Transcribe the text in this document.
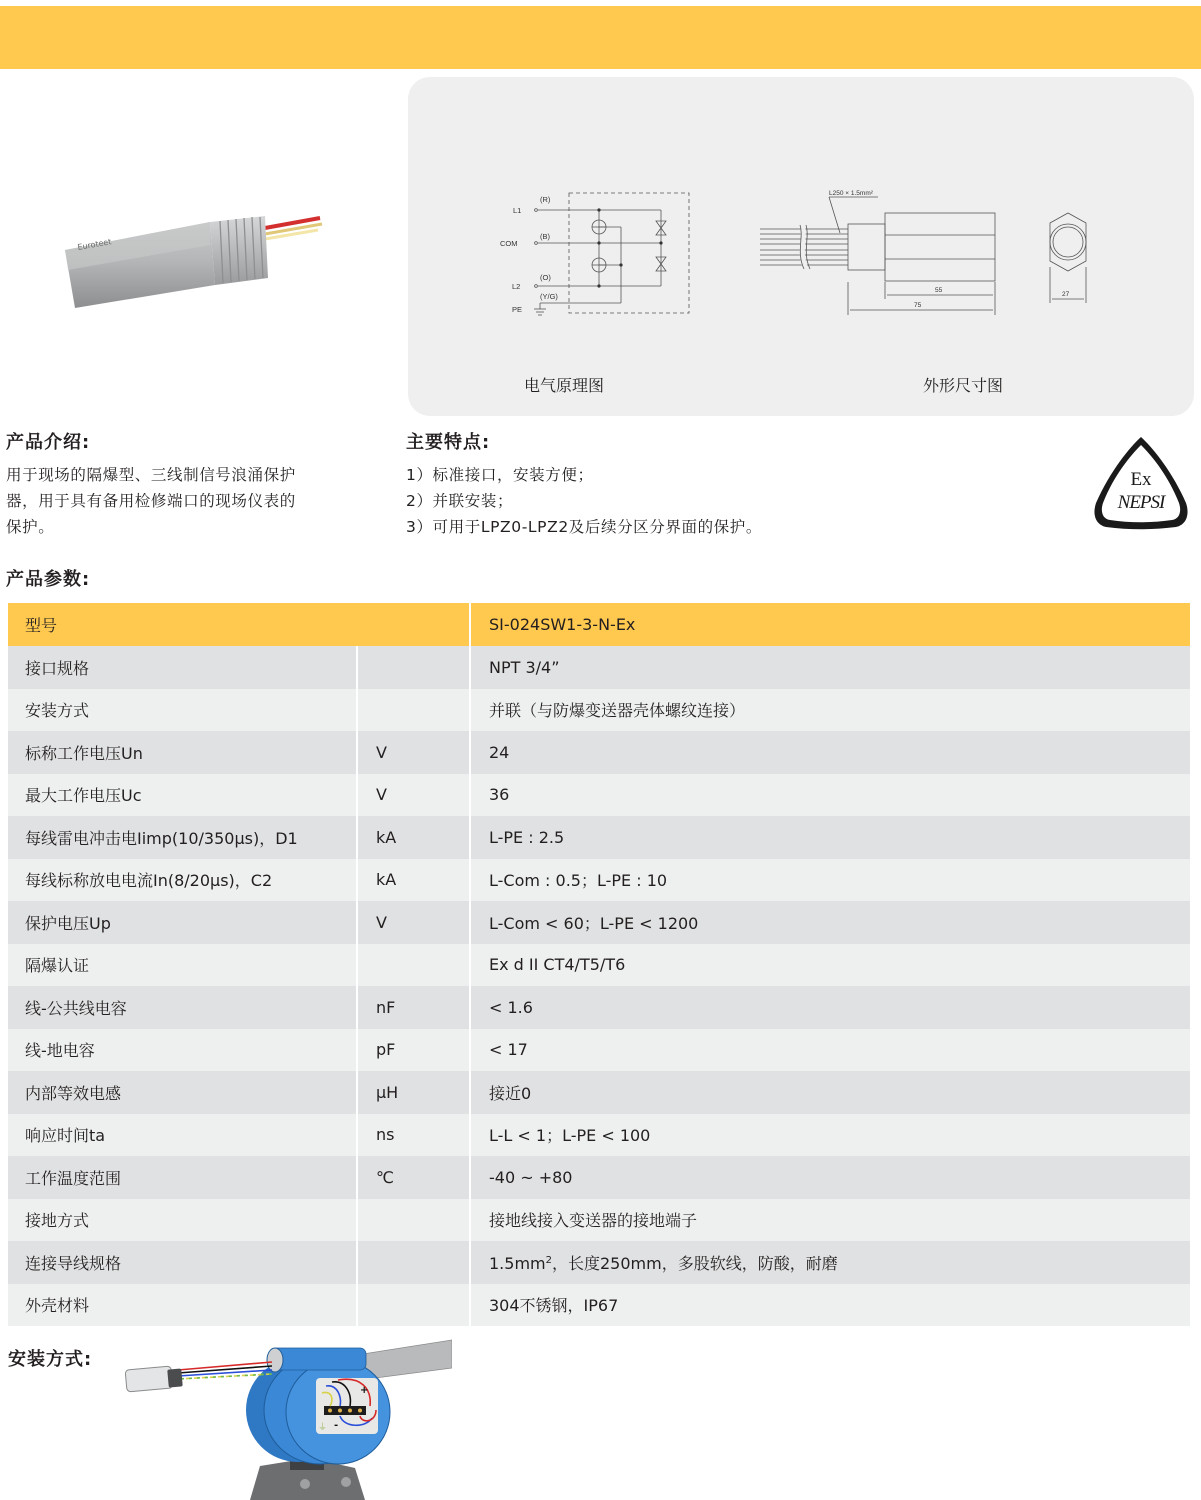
Euroteet
L1
COM
L2
PE
(R)
(B)
(O)
(Y/G)
L250 × 1.5mm²
55
75
27
电气原理图	外形尺寸图
产品介绍:
用于现场的隔爆型、三线制信号浪涌保护
器，用于具有备用检修端口的现场仪表的
保护。
主要特点:
1）标准接口，安装方便；
2）并联安装；
3）可用于LPZ0-LPZ2及后续分区分界面的保护。
Ex
NEPSI
产品参数:
型号		SI-024SW1-3-N-Ex
接口规格		NPT 3/4”
安装方式		并联（与防爆变送器壳体螺纹连接）
标称工作电压Un	V	24
最大工作电压Uc	V	36
每线雷电冲击电Iimp(10/350μs)，D1	kA	L-PE : 2.5
每线标称放电电流In(8/20μs)，C2	kA	L-Com : 0.5；L-PE : 10
保护电压Up	V	L-Com < 60；L-PE < 1200
隔爆认证		Ex d II CT4/T5/T6
线-公共线电容	nF	< 1.6
线-地电容	pF	< 17
内部等效电感	μH	接近0
响应时间ta	ns	L-L < 1；L-PE < 100
工作温度范围	℃	-40 ~ +80
接地方式		接地线接入变送器的接地端子
连接导线规格		$1.5mm^2$，长度250mm，多股软线，防酸，耐磨
外壳材料		304不锈钢，IP67
安装方式:
+
-
⏚
